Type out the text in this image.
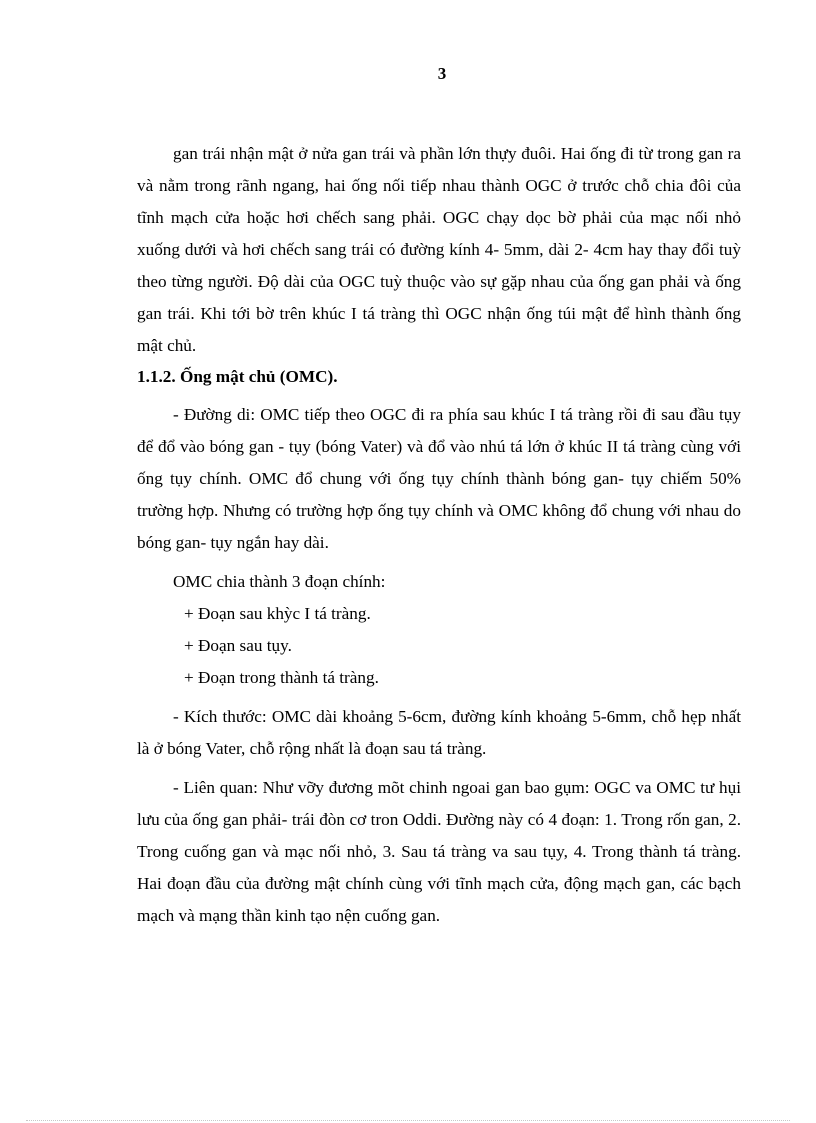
3

gan trái nhận mật ở nửa gan trái và phần lớn thựy đuôi. Hai ống đi từ trong gan ra và nằm trong rãnh ngang, hai ống nối tiếp nhau thành OGC ở trước chỗ chia đôi của tĩnh mạch cửa hoặc hơi chếch sang phải. OGC chạy dọc bờ phải của mạc nối nhỏ xuống dưới và hơi chếch sang trái có đường kính 4- 5mm, dài 2- 4cm hay thay đổi tuỳ theo từng người. Độ dài của OGC tuỳ thuộc vào sự gặp nhau của ống gan phải và ống gan trái. Khi tới bờ trên khúc I tá tràng thì OGC nhận ống túi mật để hình thành ống mật chủ.

1.1.2. Ống mật chủ (OMC).

- Đường di: OMC tiếp theo OGC đi ra phía sau khúc I tá tràng rồi đi sau đầu tụy để đổ vào bóng gan - tụy (bóng Vater) và đổ vào nhú tá lớn ở khúc II tá tràng cùng với ống tụy chính. OMC đổ chung với ống tụy chính thành bóng gan- tụy chiếm 50% trường hợp. Nhưng có trường hợp ống tụy chính và OMC không đổ chung với nhau do bóng gan- tụy ngắn hay dài.

OMC chia thành 3 đoạn chính:

+ Đoạn sau khỳc I tá tràng.

+ Đoạn sau tụy.

+ Đoạn trong thành tá tràng.

- Kích thước: OMC dài khoảng 5-6cm, đường kính khoảng 5-6mm, chỗ hẹp nhất là ở bóng Vater, chỗ rộng nhất là đoạn sau tá tràng.

- Liên quan: Như vỡy đương mõt chinh ngoai gan bao gụm: OGC va OMC tư hụi lưu của ống gan phải- trái đòn cơ tron Oddi. Đường này có 4 đoạn: 1. Trong rốn gan, 2. Trong cuống gan và mạc nối nhỏ, 3. Sau tá tràng va sau tụy, 4. Trong thành tá tràng. Hai đoạn đầu của đường mật chính cùng với tĩnh mạch cửa, động mạch gan, các bạch mạch và mạng thần kinh tạo nện cuống gan.
